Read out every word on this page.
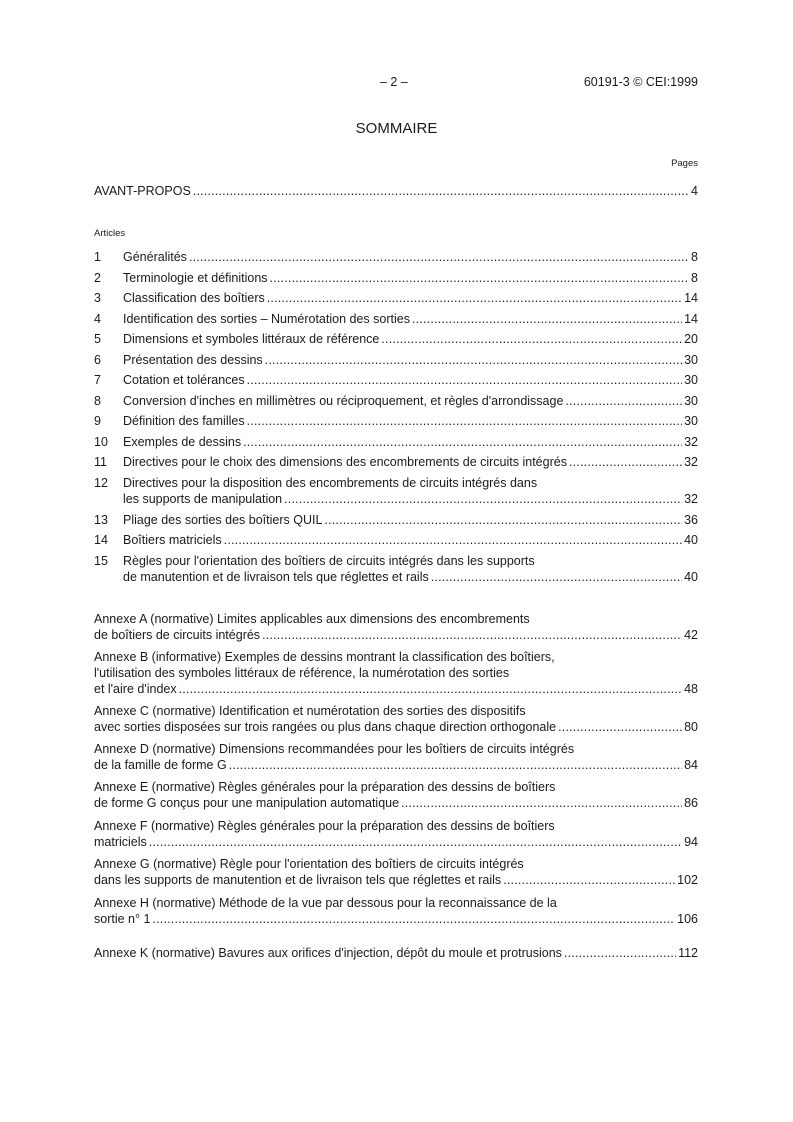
– 2 –	60191-3 © CEI:1999
SOMMAIRE
Pages
Articles
AVANT-PROPOS .....	4
1 Généralités .....	8
2 Terminologie et définitions .....	8
3 Classification des boîtiers .....	14
4 Identification des sorties – Numérotation des sorties .....	14
5 Dimensions et symboles littéraux de référence .....	20
6 Présentation des dessins .....	30
7 Cotation et tolérances .....	30
8 Conversion d'inches en millimètres ou réciproquement, et règles d'arrondissage .....	30
9 Définition des familles .....	30
10 Exemples de dessins .....	32
11 Directives pour le choix des dimensions des encombrements de circuits intégrés .....	32
12 Directives pour la disposition des encombrements de circuits intégrés dans
les supports de manipulation .....	32
13 Pliage des sorties des boîtiers QUIL .....	36
14 Boîtiers matriciels .....	40
15 Règles pour l'orientation des boîtiers de circuits intégrés dans les supports
de manutention et de livraison tels que réglettes et rails .....	40
Annexe A (normative) Limites applicables aux dimensions des encombrements
de boîtiers de circuits intégrés .....	42
Annexe B (informative) Exemples de dessins montrant la classification des boîtiers,
l'utilisation des symboles littéraux de référence, la numérotation des sorties
et l'aire d'index .....	48
Annexe C (normative) Identification et numérotation des sorties des dispositifs
avec sorties disposées sur trois rangées ou plus dans chaque direction orthogonale .....	80
Annexe D (normative) Dimensions recommandées pour les boîtiers de circuits intégrés
de la famille de forme G .....	84
Annexe E (normative) Règles générales pour la préparation des dessins de boîtiers
de forme G conçus pour une manipulation automatique .....	86
Annexe F (normative) Règles générales pour la préparation des dessins de boîtiers
matriciels .....	94
Annexe G (normative) Règle pour l'orientation des boîtiers de circuits intégrés
dans les supports de manutention et de livraison tels que réglettes et rails .....	102
Annexe H (normative) Méthode de la vue par dessous pour la reconnaissance de la
sortie n° 1 .....	106
Annexe K (normative) Bavures aux orifices d'injection, dépôt du moule et protrusions .....	112
